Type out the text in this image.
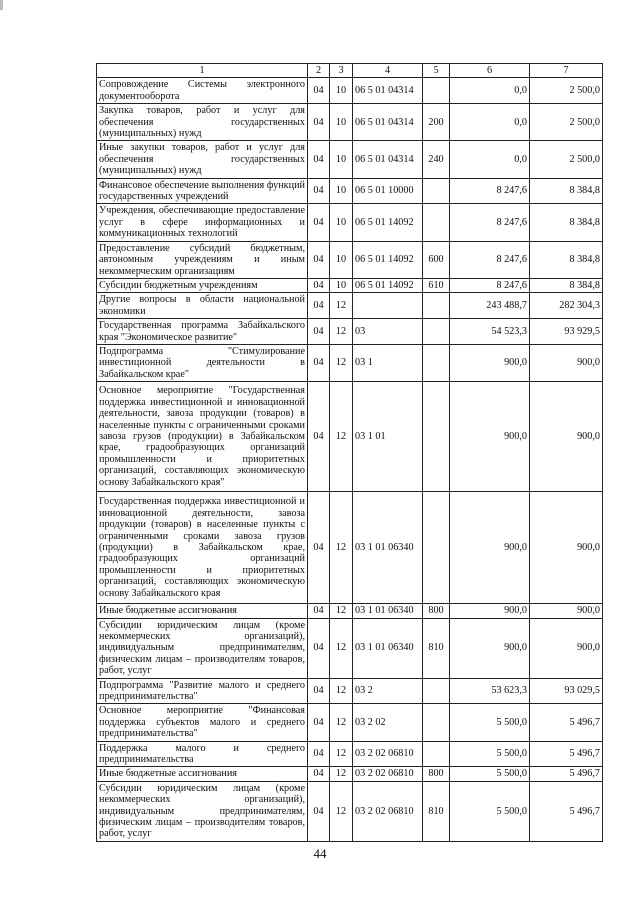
1	2	3	4	5	6	7
Сопровождение Системы электронного документооборота	04	10	06 5 01 04314		0,0	2 500,0
Закупка товаров, работ и услуг для обеспечения государственных (муниципальных) нужд	04	10	06 5 01 04314	200	0,0	2 500,0
Иные закупки товаров, работ и услуг для обеспечения государственных (муниципальных) нужд	04	10	06 5 01 04314	240	0,0	2 500,0
Финансовое обеспечение выполнения функций государственных учреждений	04	10	06 5 01 10000		8 247,6	8 384,8
Учреждения, обеспечивающие предоставление услуг в сфере информационных и коммуникационных технологий	04	10	06 5 01 14092		8 247,6	8 384,8
Предоставление субсидий бюджетным, автономным учреждениям и иным некоммерческим организациям	04	10	06 5 01 14092	600	8 247,6	8 384,8
Субсидии бюджетным учреждениям	04	10	06 5 01 14092	610	8 247,6	8 384,8
Другие вопросы в области национальной экономики	04	12			243 488,7	282 304,3
Государственная программа Забайкальского края "Экономическое развитие"	04	12	03		54 523,3	93 929,5
Подпрограмма "Стимулирование инвестиционной деятельности в Забайкальском крае"	04	12	03 1		900,0	900,0
Основное мероприятие "Государственная поддержка инвестиционной и инновационной деятельности, завоза продукции (товаров) в населенные пункты с ограниченными сроками завоза грузов (продукции) в Забайкальском крае, градообразующих организаций промышленности и приоритетных организаций, составляющих экономическую основу Забайкальского края"	04	12	03 1 01		900,0	900,0
Государственная поддержка инвестиционной и инновационной деятельности, завоза продукции (товаров) в населенные пункты с ограниченными сроками завоза грузов (продукции) в Забайкальском крае, градообразующих организаций промышленности и приоритетных организаций, составляющих экономическую основу Забайкальского края	04	12	03 1 01 06340		900,0	900,0
Иные бюджетные ассигнования	04	12	03 1 01 06340	800	900,0	900,0
Субсидии юридическим лицам (кроме некоммерческих организаций), индивидуальным предпринимателям, физическим лицам – производителям товаров, работ, услуг	04	12	03 1 01 06340	810	900,0	900,0
Подпрограмма "Развитие малого и среднего предпринимательства"	04	12	03 2		53 623,3	93 029,5
Основное мероприятие "Финансовая поддержка субъектов малого и среднего предпринимательства"	04	12	03 2 02		5 500,0	5 496,7
Поддержка малого и среднего предпринимательства	04	12	03 2 02 06810		5 500,0	5 496,7
Иные бюджетные ассигнования	04	12	03 2 02 06810	800	5 500,0	5 496,7
Субсидии юридическим лицам (кроме некоммерческих организаций), индивидуальным предпринимателям, физическим лицам – производителям товаров, работ, услуг	04	12	03 2 02 06810	810	5 500,0	5 496,7
44
